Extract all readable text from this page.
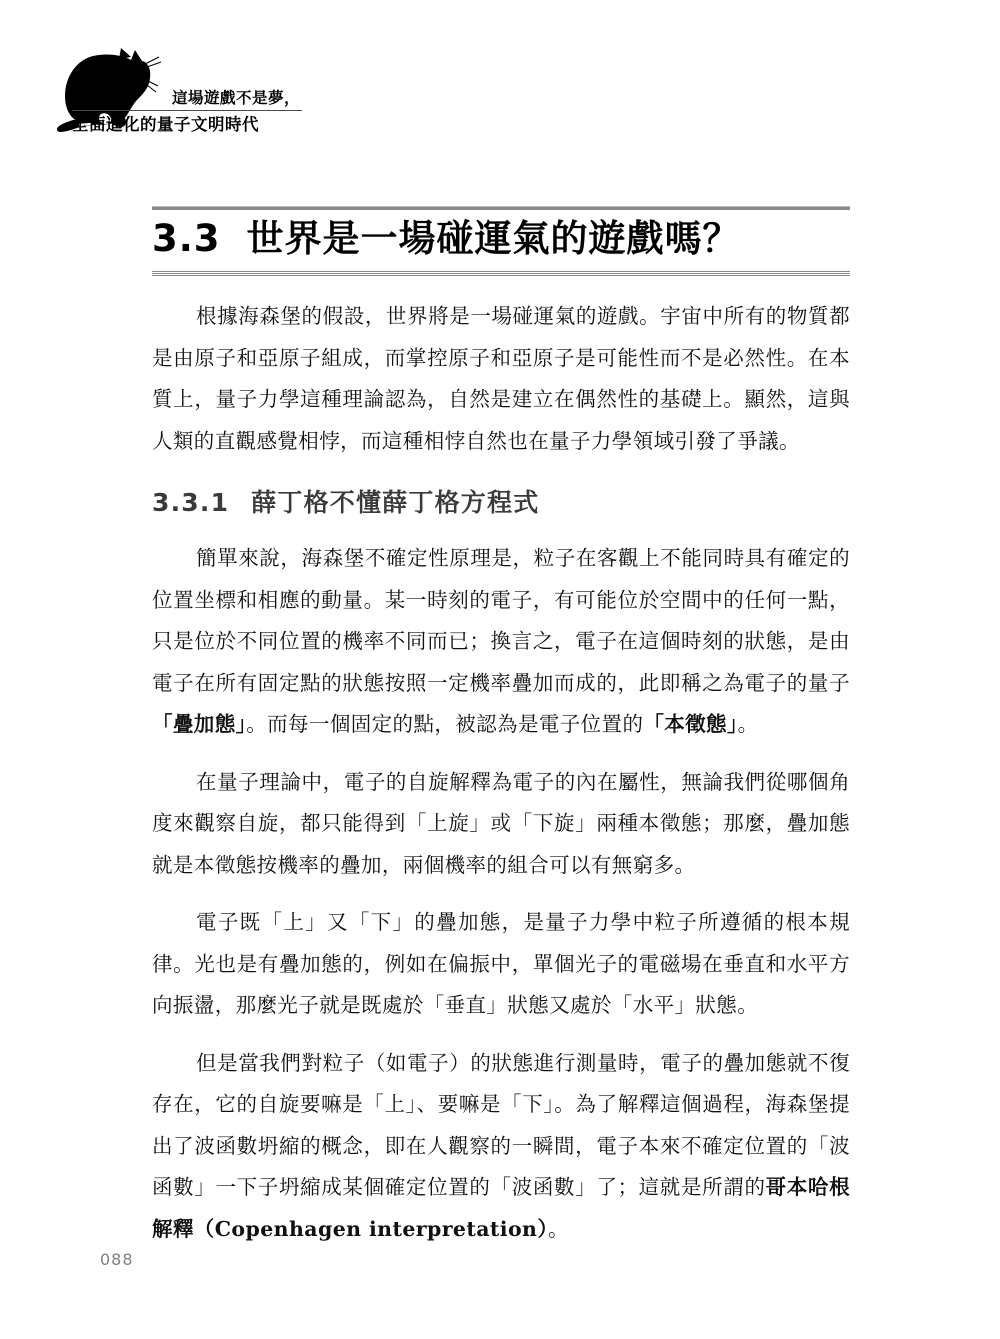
這場遊戲不是夢，
全面進化的量子文明時代
3.3 世界是一場碰運氣的遊戲嗎？

根據海森堡的假設，世界將是一場碰運氣的遊戲。宇宙中所有的物質都是由原子和亞原子組成，而掌控原子和亞原子是可能性而不是必然性。在本質上，量子力學這種理論認為，自然是建立在偶然性的基礎上。顯然，這與人類的直觀感覺相悖，而這種相悖自然也在量子力學領域引發了爭議。

3.3.1 薛丁格不懂薛丁格方程式

簡單來說，海森堡不確定性原理是，粒子在客觀上不能同時具有確定的位置坐標和相應的動量。某一時刻的電子，有可能位於空間中的任何一點，只是位於不同位置的機率不同而已；換言之，電子在這個時刻的狀態，是由電子在所有固定點的狀態按照一定機率疊加而成的，此即稱之為電子的量子「疊加態」。而每一個固定的點，被認為是電子位置的「本徵態」。

在量子理論中，電子的自旋解釋為電子的內在屬性，無論我們從哪個角度來觀察自旋，都只能得到「上旋」或「下旋」兩種本徵態；那麼，疊加態就是本徵態按機率的疊加，兩個機率的組合可以有無窮多。

電子既「上」又「下」的疊加態，是量子力學中粒子所遵循的根本規律。光也是有疊加態的，例如在偏振中，單個光子的電磁場在垂直和水平方向振盪，那麼光子就是既處於「垂直」狀態又處於「水平」狀態。

但是當我們對粒子（如電子）的狀態進行測量時，電子的疊加態就不復存在，它的自旋要嘛是「上」、要嘛是「下」。為了解釋這個過程，海森堡提出了波函數坍縮的概念，即在人觀察的一瞬間，電子本來不確定位置的「波函數」一下子坍縮成某個確定位置的「波函數」了；這就是所謂的哥本哈根解釋（Copenhagen interpretation）。

088
